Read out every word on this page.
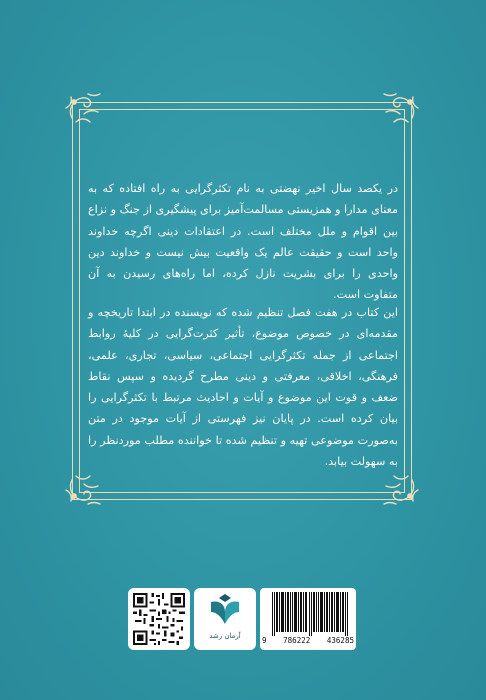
در یکصد سال اخیر نهضتی به نام تکثرگرایی به راه افتاده که به معنای مدارا و همزیستی مسالمت‌آمیز برای پیشگیری از جنگ و نزاع بین اقوام و ملل مختلف است. در اعتقادات دینی اگرچه خداوند واحد است و حقیقت عالم یک واقعیت بیش نیست و خداوند دین واحدی را برای بشریت نازل کرده، اما راه‌های رسیدن به آن متفاوت است.
این کتاب در هفت فصل تنظیم شده که نویسنده در ابتدا تاریخچه و مقدمه‌ای در خصوص موضوع، تأثیر کثرت‌گرایی در کلیهٔ روابط اجتماعی از جمله تکثرگرایی اجتماعی، سیاسی، تجاری، علمی، فرهنگی، اخلاقی، معرفتی و دینی مطرح گردیده و سپس نقاط ضعف و قوت این موضوع و آیات و احادیث مرتبط با تکثرگرایی را بیان کرده است. در پایان نیز فهرستی از آیات موجود در متن به‌صورت موضوعی تهیه و تنظیم شده تا خواننده مطلب موردنظر را به سهولت بیابد.
آرمان رشد	9 786222 436285
